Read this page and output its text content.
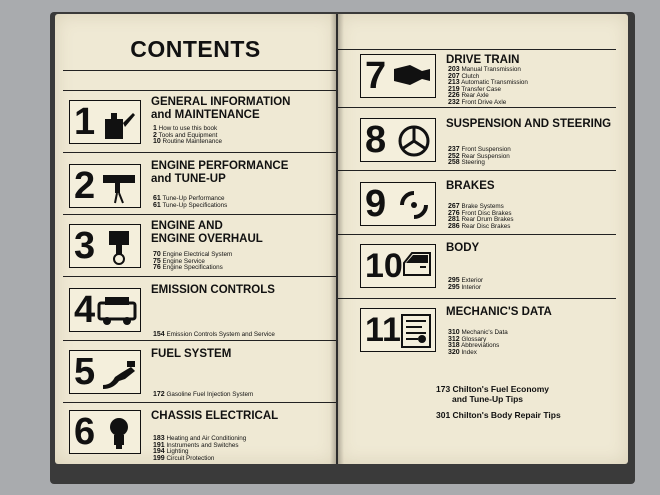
CONTENTS
1	GENERAL INFORMATION
and MAINTENANCE
1 How to use this book
2 Tools and Equipment
10 Routine Maintenance
2	ENGINE PERFORMANCE
and TUNE-UP
61 Tune-Up Performance
61 Tune-Up Specifications
3	ENGINE AND
ENGINE OVERHAUL
70 Engine Electrical System
75 Engine Service
76 Engine Specifications
4	EMISSION CONTROLS
154 Emission Controls System and Service
5	FUEL SYSTEM
172 Gasoline Fuel Injection System
6	CHASSIS ELECTRICAL
183 Heating and Air Conditioning
191 Instruments and Switches
194 Lighting
199 Circuit Protection
7	DRIVE TRAIN
203 Manual Transmission
207 Clutch
213 Automatic Transmission
219 Transfer Case
226 Rear Axle
232 Front Drive Axle
8	SUSPENSION AND STEERING
237 Front Suspension
252 Rear Suspension
258 Steering
9	BRAKES
267 Brake Systems
276 Front Disc Brakes
281 Rear Drum Brakes
286 Rear Disc Brakes
10	BODY
295 Exterior
295 Interior
11	MECHANIC'S DATA
310 Mechanic's Data
312 Glossary
318 Abbreviations
320 Index
173 Chilton's Fuel Economy
and Tune-Up Tips
301 Chilton's Body Repair Tips
